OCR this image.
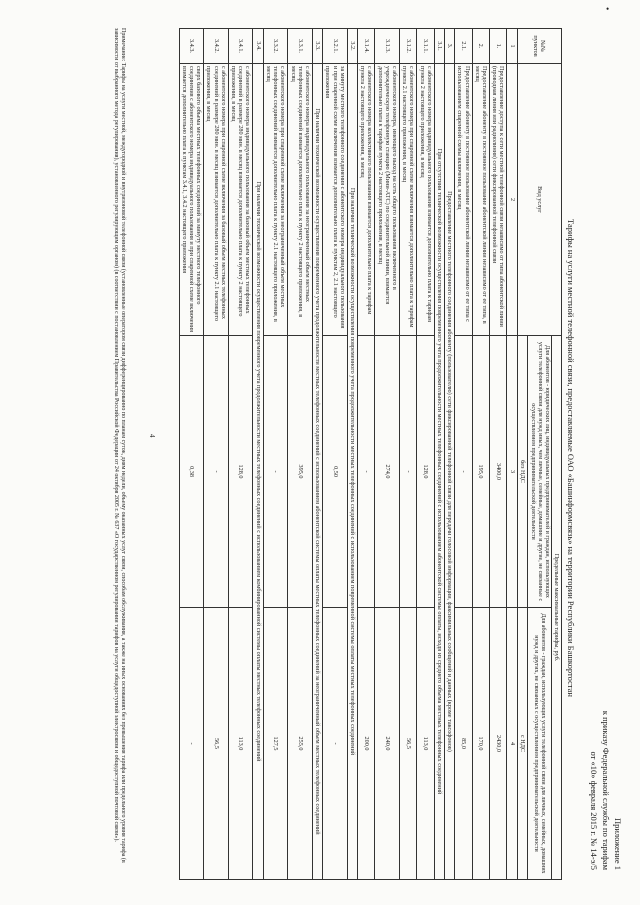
•
Приложение 1
к приказу Федеральной службы по тарифам
от «10» февраля 2015 г. № 14-э/5
Тарифы на услуги местной телефонной связи, предоставляемые ОАО «Башинформсвязь» на территории Республики Башкортостан
№№ пунктов	Вид услуг	Предельные максимальные тарифы, руб.	
		Для абонентов - юридических лиц, индивидуальных предпринимателей и граждан, использующих услуги телефонной связи для нужд иных, чем личные, семейные, домашние и другие, не связанные с осуществлением предпринимательской деятельности	Для абонентов - граждан, использующих услуги телефонной связи для личных, семейных, домашних нужд и других, не связанных с осуществлением предпринимательской деятельности
		без НДС	с НДС
1	2	3	4
1.	Предоставление доступа к сети местной телефонной связи независимо от типа абонентской линии (проводная линия или радиолиния) сети фиксированной телефонной связи	3400,0	2430,0
2.	Предоставление абоненту в постоянное пользование абонентской линии независимо от ее типа, в месяц	195,0	170,0
2.1.	Предоставление абоненту в постоянное пользование абонентской линии независимо от ее типа с использованием спаренной схемы включения, в месяц	-	85,0
3.	Предоставление местного телефонного соединения абоненту (пользователю) сети фиксированной телефонной связи для передачи голосовой информации, факсимильных сообщений и данных (кроме таксофонов)		
3.1.	При отсутствии технической возможности осуществления повременного учета продолжительности местных телефонных соединений с использованием абонентской системы оплаты, исходя из среднего объема местных телефонных соединений		
3.1.1.	с абонентского номера индивидуального пользования взимается дополнительно плата к тарифам пункта 2 настоящего приложения, в месяц	128,0	113,0
3.1.2.	с абонентского номера при спаренной схеме включения взимается дополнительно плата к тарифам пункта 2.1 настоящего приложения, в месяц	-	56,5
3.1.3.	с абонентского номера, имеющего выход на сеть общего пользования включенного в учрежденческую телефонную станцию (Мини-АТС) по соединительной линии, взимается дополнительно плата к тарифам пункта 2 настоящего приложения, в месяц	274,0	240,0
3.1.4.	с абонентского номера коллективного пользования взимается дополнительно плата к тарифам пункта 2 настоящего приложения, в месяц	-	200,0
3.2.	При наличии технической возможности осуществления повременного учета продолжительности местных телефонных соединений с использованием повременной системы оплаты местных телефонных соединений		
3.2.1.	за минуту местного телефонного соединения с абонентского номера индивидуального пользования и при спаренной схеме включения взимается дополнительно плата к пунктам 2, 2.1 настоящего приложения	0,50	-
3.3.	При наличии технической возможности осуществления повременного учета продолжительности местных телефонных соединений с использованием абонентской системы оплаты местных телефонных соединений за неограниченный объем местных телефонных соединений		
3.3.1.	с абонентского номера индивидуального пользования за неограниченный объем местных телефонных соединений взимается дополнительно плата к пункту 2 настоящего приложения, в месяц	395,0	255,0
3.3.2.	с абонентского номера при спаренной схеме включения за неограниченный объем местных телефонных соединений взимается дополнительно плата к пункту 2.1 настоящего приложения, в месяц	-	127,5
3.4.	При наличии технической возможности осуществления повременного учета продолжительности местных телефонных соединений с использованием комбинированной системы оплаты местных телефонных соединений		
3.4.1.	с абонентского номера индивидуального пользования за базовый объем местных телефонных соединений в размере 280 мин. в месяц взимается дополнительно плата к пункту 2 настоящего приложения, в месяц	128,0	113,0
3.4.2.	с абонентского номера при спаренной схеме включения за базовый объем местных телефонных соединений в размере 280 мин. в месяц взимается дополнительно плата к пункту 2.1 настоящего приложения, в месяц	-	56,5
3.4.3.	сверх базового объема местных телефонных соединений за минуту местного телефонного соединения с абонентского номера индивидуального пользования и при спаренной схеме включения взимается дополнительно плата к пунктам 3.4.1, 3.4.2 настоящего приложения	0,38	-
4
Примечание: Тарифы на услуги местной, междугородной и внутризоновой телефонной связи (установленные оператором связи дифференцированно по планам суток, дням недели, объему оказанных услуг связи, способам обслуживания, а также на иных основаниях без превышения тарифа или предельного уровня тарифа (в зависимости от выбранного метода регулирования), установленного регулирующим органом) (в соответствии с постановлением Правительства Российской Федерации от 24 октября 2005 г. № 637 «О государственном регулировании тарифов на услуги общедоступной электросвязи и общедоступной почтовой связи»).
